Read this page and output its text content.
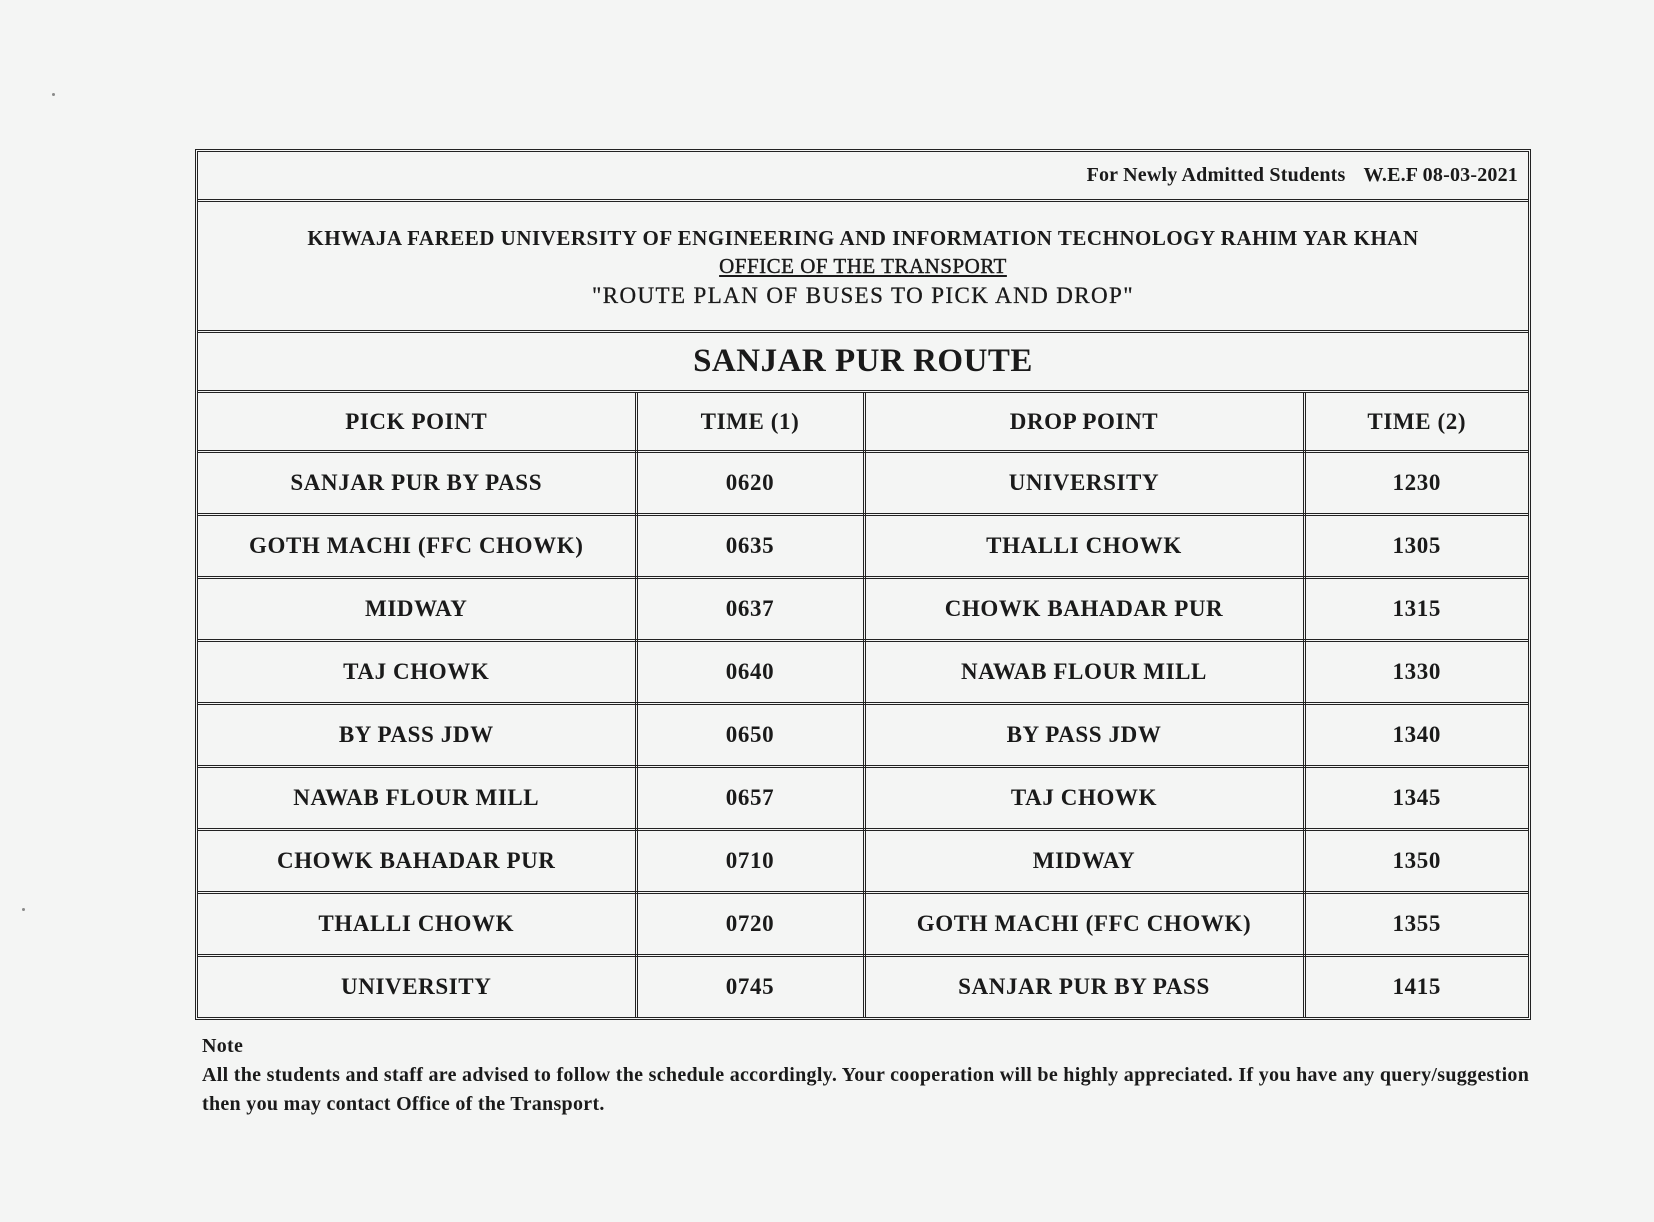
For Newly Admitted Students W.E.F 08-03-2021
KHWAJA FAREED UNIVERSITY OF ENGINEERING AND INFORMATION TECHNOLOGY RAHIM YAR KHAN
OFFICE OF THE TRANSPORT
"ROUTE PLAN OF BUSES TO PICK AND DROP"
SANJAR PUR ROUTE
PICK POINT	TIME (1)	DROP POINT	TIME (2)
SANJAR PUR BY PASS	0620	UNIVERSITY	1230
GOTH MACHI (FFC CHOWK)	0635	THALLI CHOWK	1305
MIDWAY	0637	CHOWK BAHADAR PUR	1315
TAJ CHOWK	0640	NAWAB FLOUR MILL	1330
BY PASS JDW	0650	BY PASS JDW	1340
NAWAB FLOUR MILL	0657	TAJ CHOWK	1345
CHOWK BAHADAR PUR	0710	MIDWAY	1350
THALLI CHOWK	0720	GOTH MACHI (FFC CHOWK)	1355
UNIVERSITY	0745	SANJAR PUR BY PASS	1415
Note
All the students and staff are advised to follow the schedule accordingly. Your cooperation will be highly appreciated. If you have any query/suggestion then you may contact Office of the Transport.
